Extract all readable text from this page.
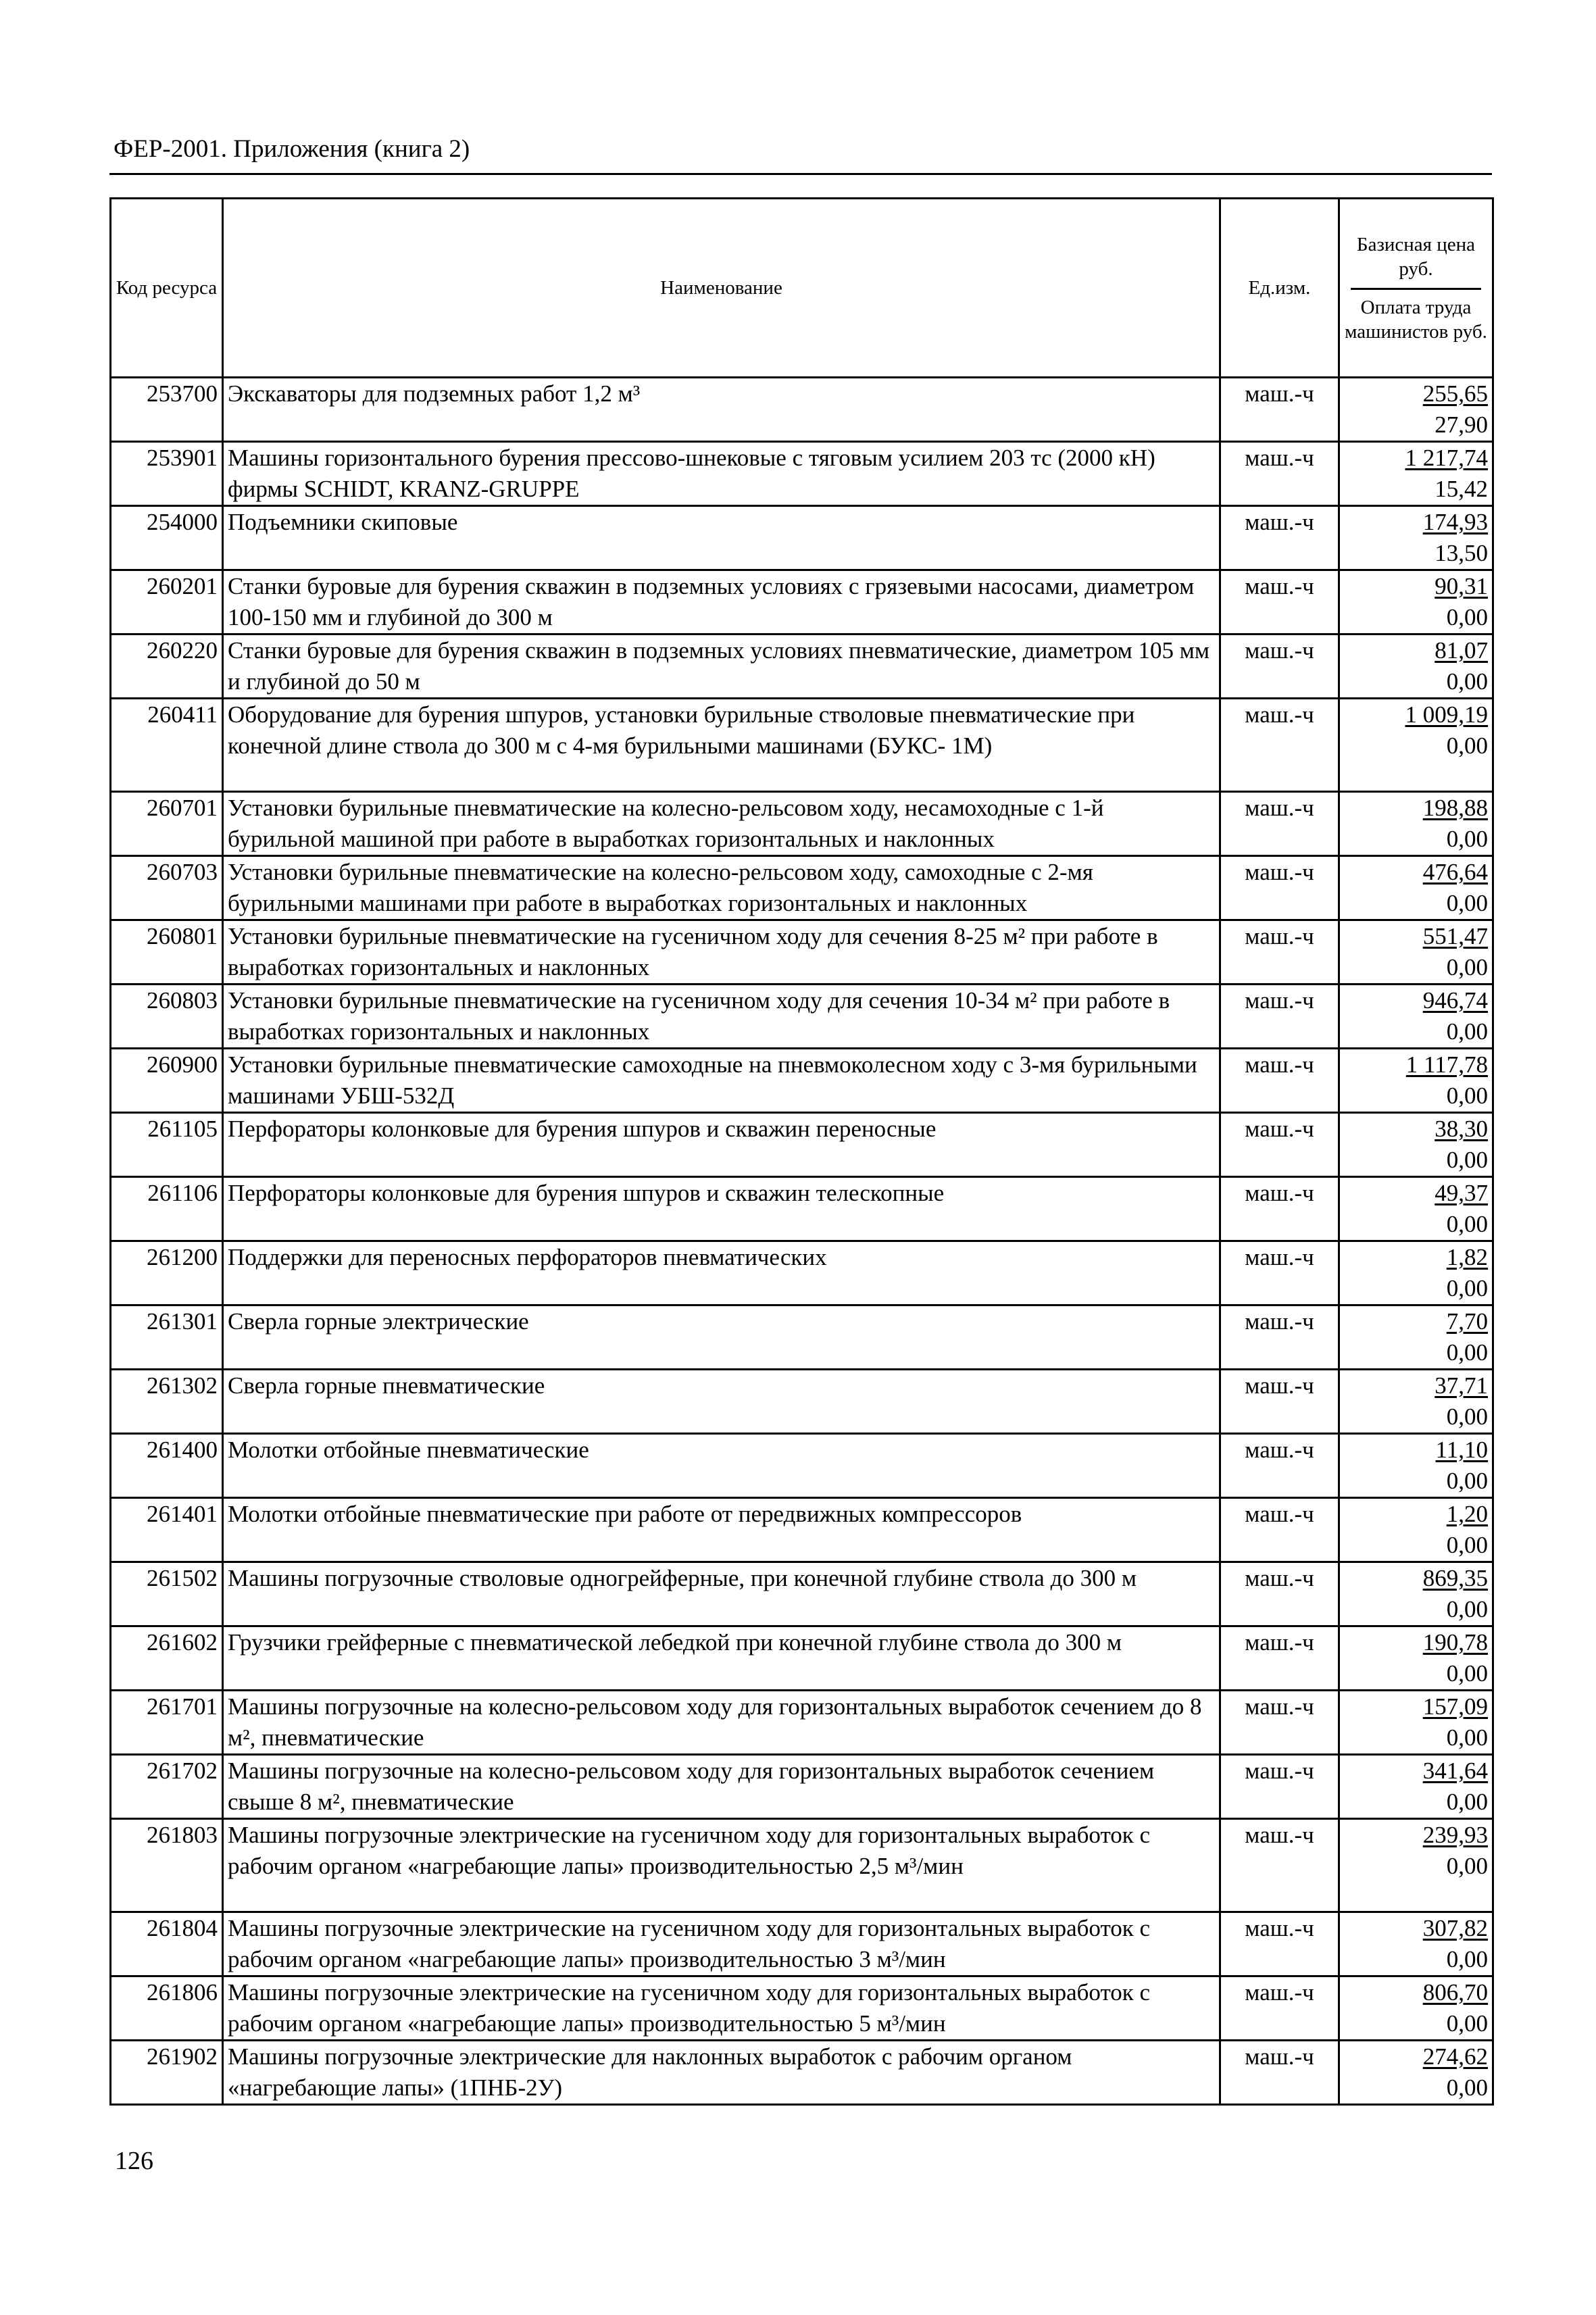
ФЕР-2001. Приложения (книга 2)
Код ресурса	Наименование	Ед.изм.	Базисная цена руб.
Оплата труда машинистов руб.

253700	Экскаваторы для подземных работ 1,2 м³	маш.-ч	255,65
27,90

253901	Машины горизонтального бурения прессово-шнековые с тяговым усилием 203 тс (2000 кН) фирмы SCHIDT, KRANZ-GRUPPE	маш.-ч	1 217,74
15,42

254000	Подъемники скиповые	маш.-ч	174,93
13,50

260201	Станки буровые для бурения скважин в подземных условиях с грязевыми насосами, диаметром 100-150 мм и глубиной до 300 м	маш.-ч	90,31
0,00

260220	Станки буровые для бурения скважин в подземных условиях пневматические, диаметром 105 мм и глубиной до 50 м	маш.-ч	81,07
0,00

260411	Оборудование для бурения шпуров, установки бурильные стволовые пневматические при конечной длине ствола до 300 м с 4-мя бурильными машинами (БУКС- 1М)	маш.-ч	1 009,19
0,00

260701	Установки бурильные пневматические на колесно-рельсовом ходу, несамоходные с 1-й бурильной машиной при работе в выработках горизонтальных и наклонных	маш.-ч	198,88
0,00

260703	Установки бурильные пневматические на колесно-рельсовом ходу, самоходные с 2-мя бурильными машинами при работе в выработках горизонтальных и наклонных	маш.-ч	476,64
0,00

260801	Установки бурильные пневматические на гусеничном ходу для сечения 8-25 м² при работе в выработках горизонтальных и наклонных	маш.-ч	551,47
0,00

260803	Установки бурильные пневматические на гусеничном ходу для сечения 10-34 м² при работе в выработках горизонтальных и наклонных	маш.-ч	946,74
0,00

260900	Установки бурильные пневматические самоходные на пневмоколесном ходу с 3-мя бурильными машинами УБШ-532Д	маш.-ч	1 117,78
0,00

261105	Перфораторы колонковые для бурения шпуров и скважин переносные	маш.-ч	38,30
0,00

261106	Перфораторы колонковые для бурения шпуров и скважин телескопные	маш.-ч	49,37
0,00

261200	Поддержки для переносных перфораторов пневматических	маш.-ч	1,82
0,00

261301	Сверла горные электрические	маш.-ч	7,70
0,00

261302	Сверла горные пневматические	маш.-ч	37,71
0,00

261400	Молотки отбойные пневматические	маш.-ч	11,10
0,00

261401	Молотки отбойные пневматические при работе от передвижных компрессоров	маш.-ч	1,20
0,00

261502	Машины погрузочные стволовые одногрейферные, при конечной глубине ствола до 300 м	маш.-ч	869,35
0,00

261602	Грузчики грейферные с пневматической лебедкой при конечной глубине ствола до 300 м	маш.-ч	190,78
0,00

261701	Машины погрузочные на колесно-рельсовом ходу для горизонтальных выработок сечением до 8 м², пневматические	маш.-ч	157,09
0,00

261702	Машины погрузочные на колесно-рельсовом ходу для горизонтальных выработок сечением свыше 8 м², пневматические	маш.-ч	341,64
0,00

261803	Машины погрузочные электрические на гусеничном ходу для горизонтальных выработок с рабочим органом «нагребающие лапы» производительностью 2,5 м³/мин	маш.-ч	239,93
0,00

261804	Машины погрузочные электрические на гусеничном ходу для горизонтальных выработок с рабочим органом «нагребающие лапы» производительностью 3 м³/мин	маш.-ч	307,82
0,00

261806	Машины погрузочные электрические на гусеничном ходу для горизонтальных выработок с рабочим органом «нагребающие лапы» производительностью 5 м³/мин	маш.-ч	806,70
0,00

261902	Машины погрузочные электрические для наклонных выработок с рабочим органом «нагребающие лапы» (1ПНБ-2У)	маш.-ч	274,62
0,00
126
